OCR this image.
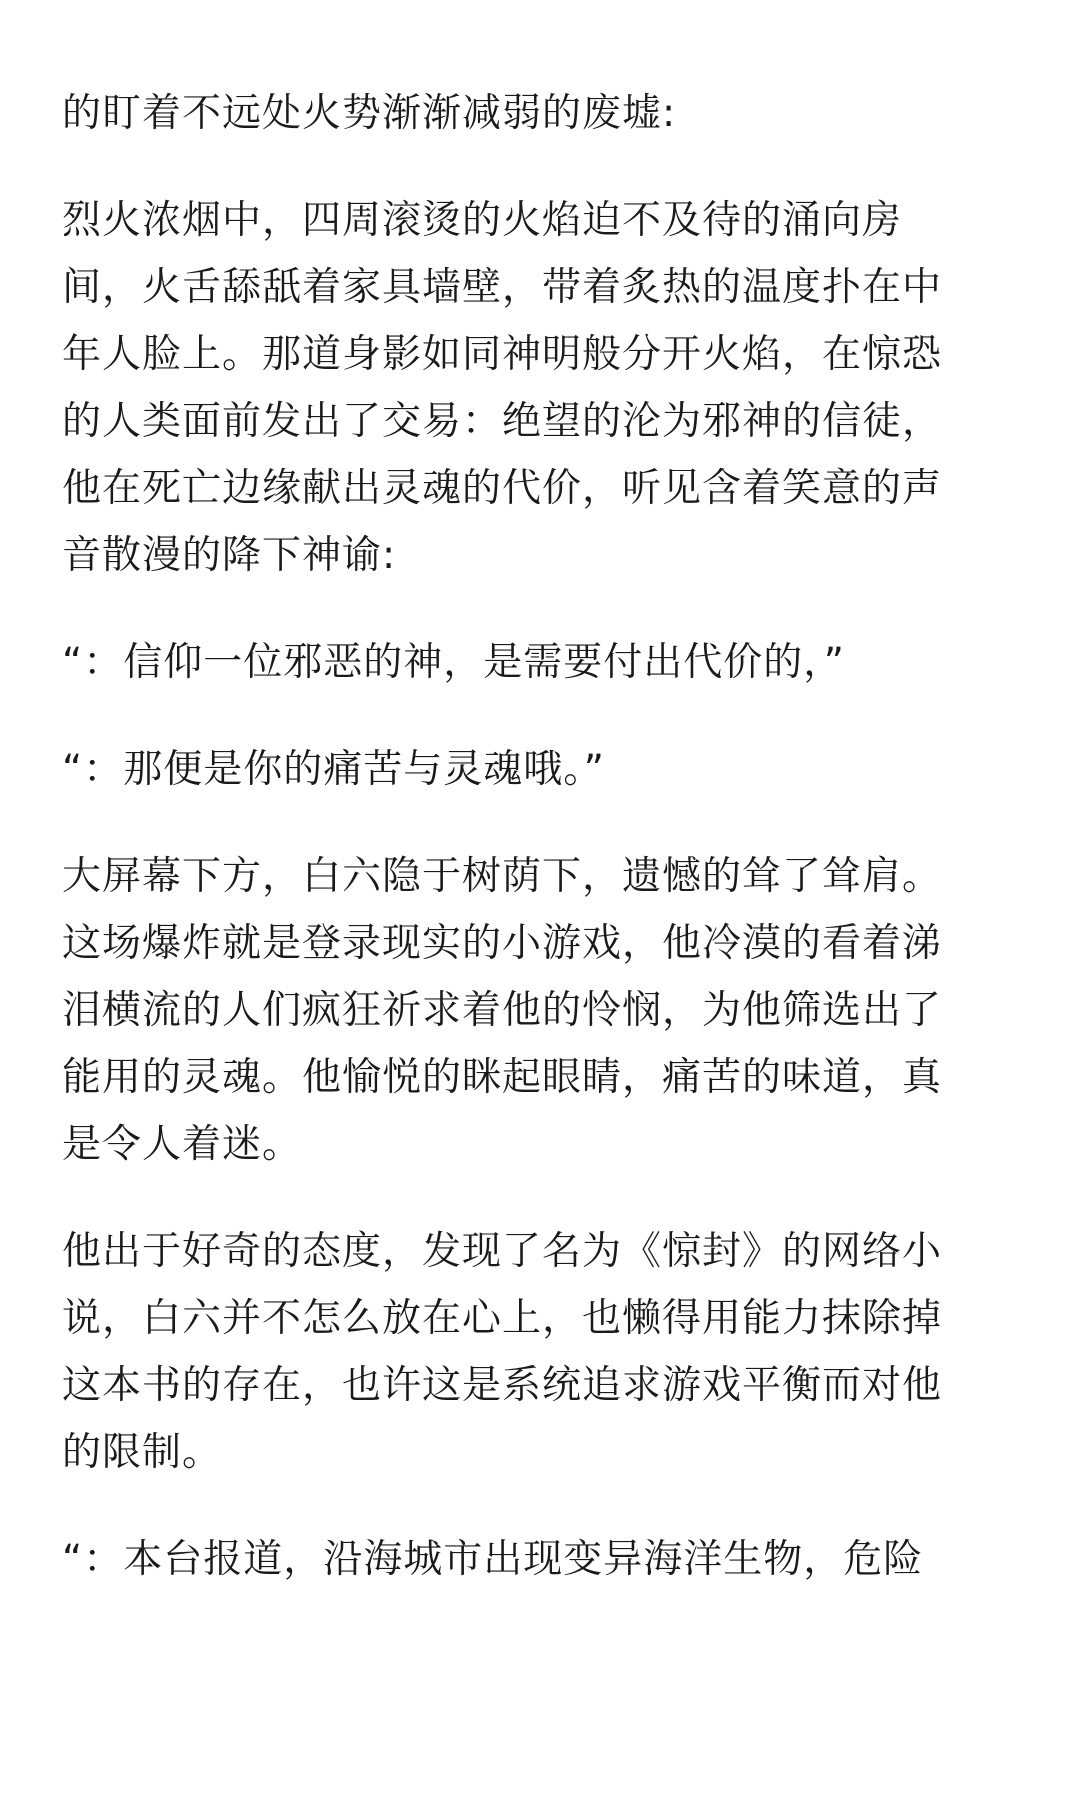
的盯着不远处火势渐渐减弱的废墟:

烈火浓烟中，四周滚烫的火焰迫不及待的涌向房
间，火舌舔舐着家具墙壁，带着炙热的温度扑在中
年人脸上。那道身影如同神明般分开火焰，在惊恐
的人类面前发出了交易：绝望的沦为邪神的信徒，
他在死亡边缘献出灵魂的代价，听见含着笑意的声
音散漫的降下神谕:

“：信仰一位邪恶的神，是需要付出代价的，”

“：那便是你的痛苦与灵魂哦。”

大屏幕下方，白六隐于树荫下，遗憾的耸了耸肩。
这场爆炸就是登录现实的小游戏，他冷漠的看着涕
泪横流的人们疯狂祈求着他的怜悯，为他筛选出了
能用的灵魂。他愉悦的眯起眼睛，痛苦的味道，真
是令人着迷。

他出于好奇的态度，发现了名为《惊封》的网络小
说，白六并不怎么放在心上，也懒得用能力抹除掉
这本书的存在，也许这是系统追求游戏平衡而对他
的限制。

“：本台报道，沿海城市出现变异海洋生物，危险
